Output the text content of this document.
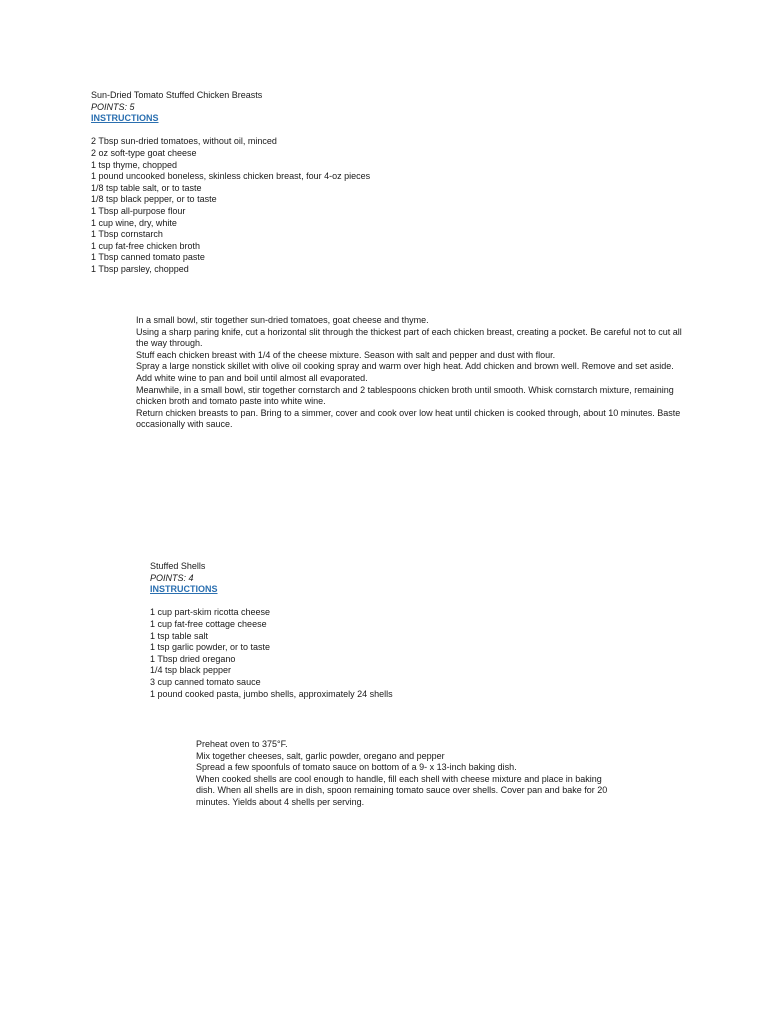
Sun-Dried Tomato Stuffed Chicken Breasts
POINTS: 5
INSTRUCTIONS
2 Tbsp sun-dried tomatoes, without oil, minced
2 oz soft-type goat cheese
1 tsp thyme, chopped
1 pound uncooked boneless, skinless chicken breast, four 4-oz pieces
1/8 tsp table salt, or to taste
1/8 tsp black pepper, or to taste
1 Tbsp all-purpose flour
1 cup wine, dry, white
1 Tbsp cornstarch
1 cup fat-free chicken broth
1 Tbsp canned tomato paste
1 Tbsp parsley, chopped
In a small bowl, stir together sun-dried tomatoes, goat cheese and thyme.
Using a sharp paring knife, cut a horizontal slit through the thickest part of each chicken breast, creating a pocket. Be careful not to cut all the way through.
Stuff each chicken breast with 1/4 of the cheese mixture. Season with salt and pepper and dust with flour.
Spray a large nonstick skillet with olive oil cooking spray and warm over high heat. Add chicken and brown well. Remove and set aside.
Add white wine to pan and boil until almost all evaporated.
Meanwhile, in a small bowl, stir together cornstarch and 2 tablespoons chicken broth until smooth. Whisk cornstarch mixture, remaining chicken broth and tomato paste into white wine.
Return chicken breasts to pan. Bring to a simmer, cover and cook over low heat until chicken is cooked through, about 10 minutes. Baste occasionally with sauce.
Stuffed Shells
POINTS: 4
INSTRUCTIONS
1 cup part-skim ricotta cheese
1 cup fat-free cottage cheese
1 tsp table salt
1 tsp garlic powder, or to taste
1 Tbsp dried oregano
1/4 tsp black pepper
3 cup canned tomato sauce
1 pound cooked pasta, jumbo shells, approximately 24 shells
Preheat oven to 375°F.
Mix together cheeses, salt, garlic powder, oregano and pepper
Spread a few spoonfuls of tomato sauce on bottom of a 9- x 13-inch baking dish.
When cooked shells are cool enough to handle, fill each shell with cheese mixture and place in baking dish. When all shells are in dish, spoon remaining tomato sauce over shells. Cover pan and bake for 20 minutes. Yields about 4 shells per serving.
